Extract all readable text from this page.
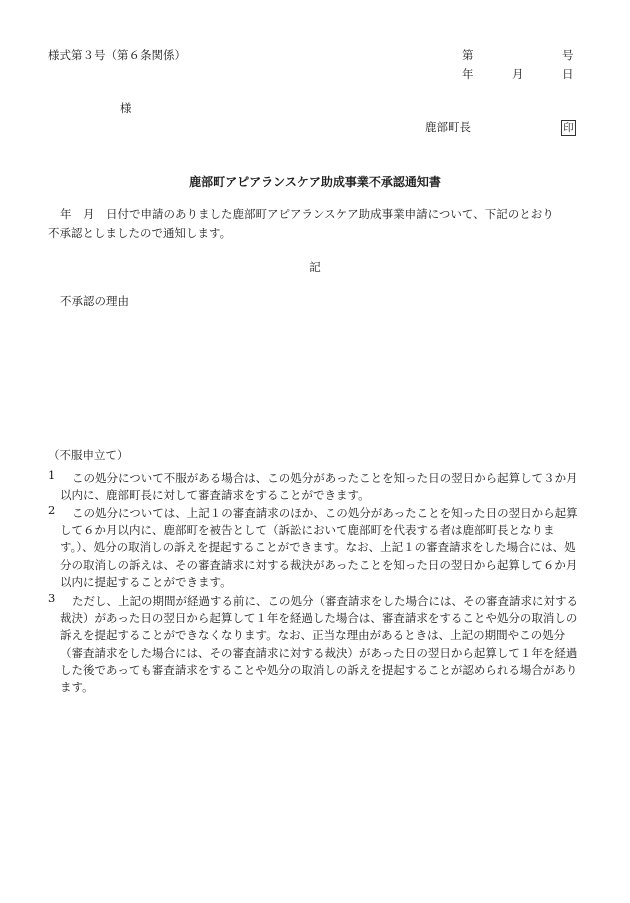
様式第３号（第６条関係）	第	号
年	月	日
様
鹿部町長	印
鹿部町アピアランスケア助成事業不承認通知書
年　月　日付で申請のありました鹿部町アピアランスケア助成事業申請について、下記のとおり
不承認としましたので通知します。
記
不承認の理由
（不服申立て）
1	この処分について不服がある場合は、この処分があったことを知った日の翌日から起算して３か月以内に、鹿部町長に対して審査請求をすることができます。
2	この処分については、上記１の審査請求のほか、この処分があったことを知った日の翌日から起算して６か月以内に、鹿部町を被告として（訴訟において鹿部町を代表する者は鹿部町長となります。）、処分の取消しの訴えを提起することができます。なお、上記１の審査請求をした場合には、処分の取消しの訴えは、その審査請求に対する裁決があったことを知った日の翌日から起算して６か月以内に提起することができます。
3	ただし、上記の期間が経過する前に、この処分（審査請求をした場合には、その審査請求に対する裁決）があった日の翌日から起算して１年を経過した場合は、審査請求をすることや処分の取消しの訴えを提起することができなくなります。なお、正当な理由があるときは、上記の期間やこの処分（審査請求をした場合には、その審査請求に対する裁決）があった日の翌日から起算して１年を経過した後であっても審査請求をすることや処分の取消しの訴えを提起することが認められる場合があります。
